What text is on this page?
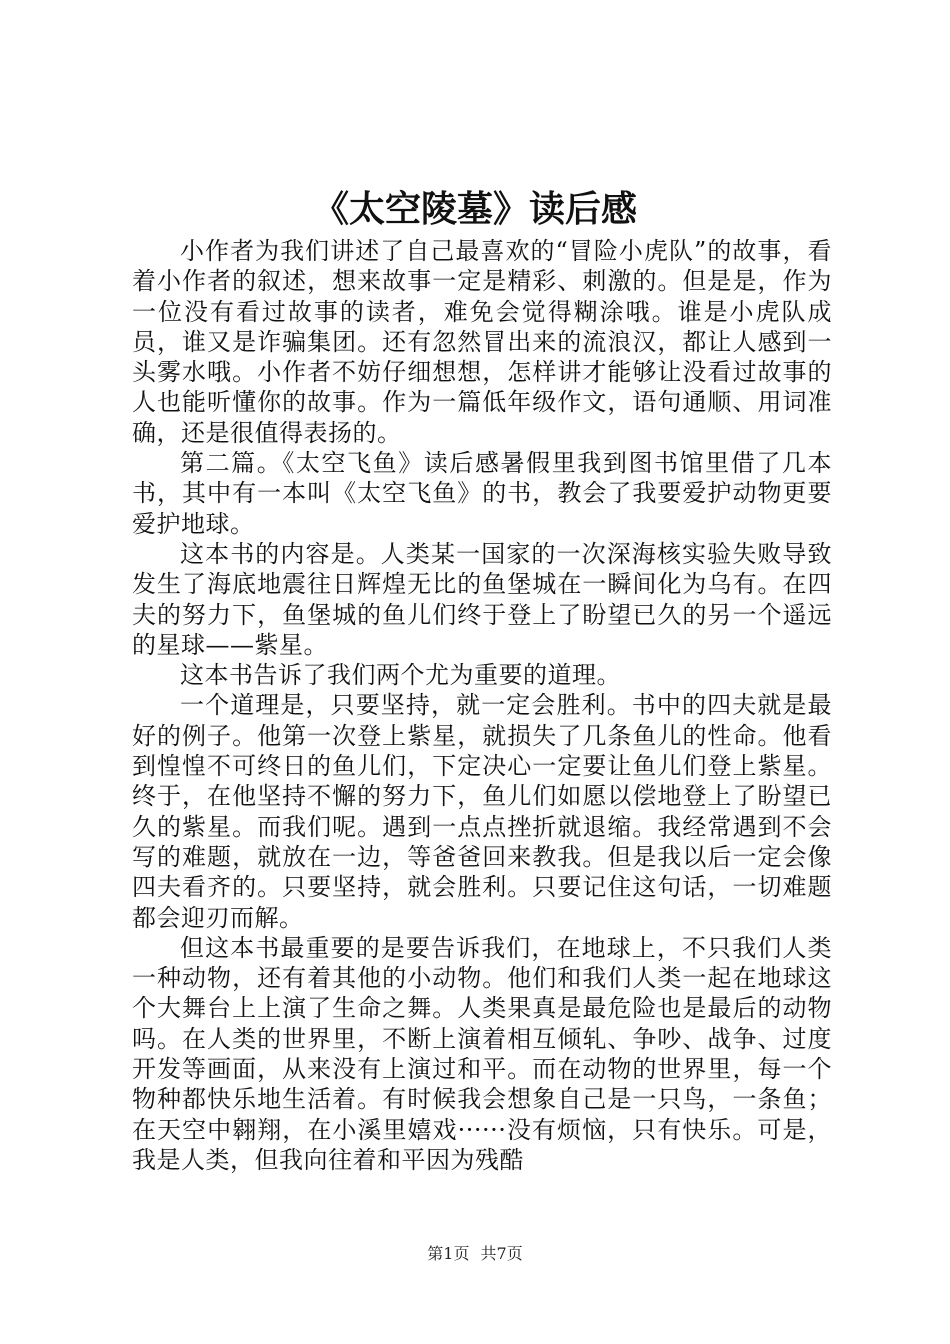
《太空陵墓》读后感

小作者为我们讲述了自己最喜欢的“冒险小虎队”的故事，看着小作者的叙述，想来故事一定是精彩、刺激的。但是是，作为一位没有看过故事的读者，难免会觉得糊涂哦。谁是小虎队成员，谁又是诈骗集团。还有忽然冒出来的流浪汉，都让人感到一头雾水哦。小作者不妨仔细想想，怎样讲才能够让没看过故事的人也能听懂你的故事。作为一篇低年级作文，语句通顺、用词准确，还是很值得表扬的。

第二篇。《太空飞鱼》读后感暑假里我到图书馆里借了几本书，其中有一本叫《太空飞鱼》的书，教会了我要爱护动物更要爱护地球。

这本书的内容是。人类某一国家的一次深海核实验失败导致发生了海底地震往日辉煌无比的鱼堡城在一瞬间化为乌有。在四夫的努力下，鱼堡城的鱼儿们终于登上了盼望已久的另一个遥远的星球——紫星。

这本书告诉了我们两个尤为重要的道理。

一个道理是，只要坚持，就一定会胜利。书中的四夫就是最好的例子。他第一次登上紫星，就损失了几条鱼儿的性命。他看到惶惶不可终日的鱼儿们，下定决心一定要让鱼儿们登上紫星。终于，在他坚持不懈的努力下，鱼儿们如愿以偿地登上了盼望已久的紫星。而我们呢。遇到一点点挫折就退缩。我经常遇到不会写的难题，就放在一边，等爸爸回来教我。但是我以后一定会像四夫看齐的。只要坚持，就会胜利。只要记住这句话，一切难题都会迎刃而解。

但这本书最重要的是要告诉我们，在地球上，不只我们人类一种动物，还有着其他的小动物。他们和我们人类一起在地球这个大舞台上上演了生命之舞。人类果真是最危险也是最后的动物吗。在人类的世界里，不断上演着相互倾轧、争吵、战争、过度开发等画面，从来没有上演过和平。而在动物的世界里，每一个物种都快乐地生活着。有时候我会想象自己是一只鸟，一条鱼；在天空中翱翔，在小溪里嬉戏······没有烦恼，只有快乐。可是，我是人类，但我向往着和平因为残酷

第1页 共7页
